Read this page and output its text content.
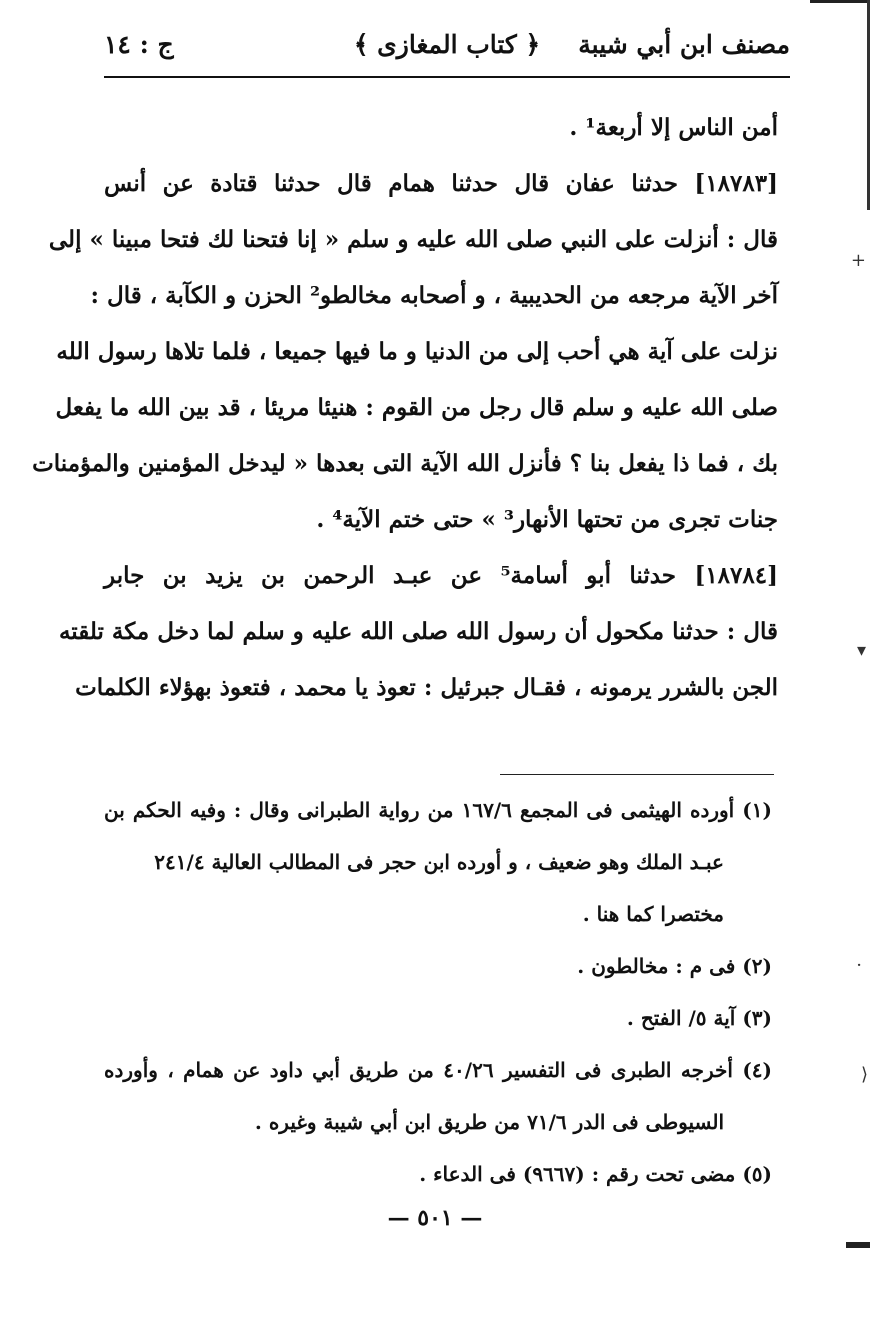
+
▾
·
⟩
مصنف ابن أبي شيبة
﴿ كتاب المغازى ﴾
ج : ١٤
أمن الناس إلا أربعة¹ .
[١٨٧٨٣] حدثنا عفان قال حدثنا همام قال حدثنا قتادة عن أنس
قال : أنزلت على النبي صلى الله عليه و سلم « إنا فتحنا لك فتحا مبينا » إلى
آخر الآية مرجعه من الحديبية ، و أصحابه مخالطو² الحزن و الكآبة ، قال :
نزلت على آية هي أحب إلى من الدنيا و ما فيها جميعا ، فلما تلاها رسول الله
صلى الله عليه و سلم قال رجل من القوم : هنيئا مريئا ، قد بين الله ما يفعل
بك ، فما ذا يفعل بنا ؟ فأنزل الله الآية التى بعدها « ليدخل المؤمنين والمؤمنات
جنات تجرى من تحتها الأنهار³ » حتى ختم الآية⁴ .
[١٨٧٨٤] حدثنا أبو أسامة⁵ عن عبـد الرحمن بن يزيد بن جابر
قال : حدثنا مكحول أن رسول الله صلى الله عليه و سلم لما دخل مكة تلقته
الجن بالشرر يرمونه ، فقـال جبرئيل : تعوذ يا محمد ، فتعوذ بهؤلاء الكلمات
(١) أورده الهيثمى فى المجمع ١٦٧/٦ من رواية الطبرانى وقال : وفيه الحكم بن
عبـد الملك وهو ضعيف ، و أورده ابن حجر فى المطالب العالية ٢٤١/٤
مختصرا كما هنا .
(٢) فى م : مخالطون .
(٣) آية ٥/ الفتح .
(٤) أخرجه الطبرى فى التفسير ٤٠/٢٦ من طريق أبي داود عن همام ، وأورده
السيوطى فى الدر ٧١/٦ من طريق ابن أبي شيبة وغيره .
(٥) مضى تحت رقم : (٩٦٦٧) فى الدعاء .
— ٥٠١ —
